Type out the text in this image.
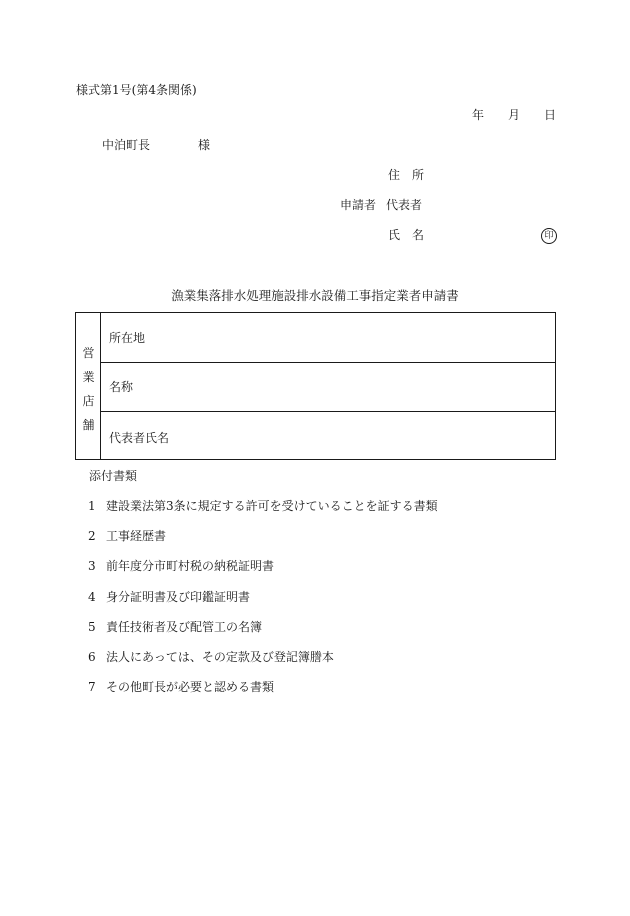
様式第1号(第4条関係)
年 月 日
中泊町長	様
住　所
申請者 代表者
氏　名	印
漁業集落排水処理施設排水設備工事指定業者申請書
営
業
店
舗
所在地
名称
代表者氏名
添付書類
1 建設業法第3条に規定する許可を受けていることを証する書類
2 工事経歴書
3 前年度分市町村税の納税証明書
4 身分証明書及び印鑑証明書
5 責任技術者及び配管工の名簿
6 法人にあっては、その定款及び登記簿謄本
7 その他町長が必要と認める書類
